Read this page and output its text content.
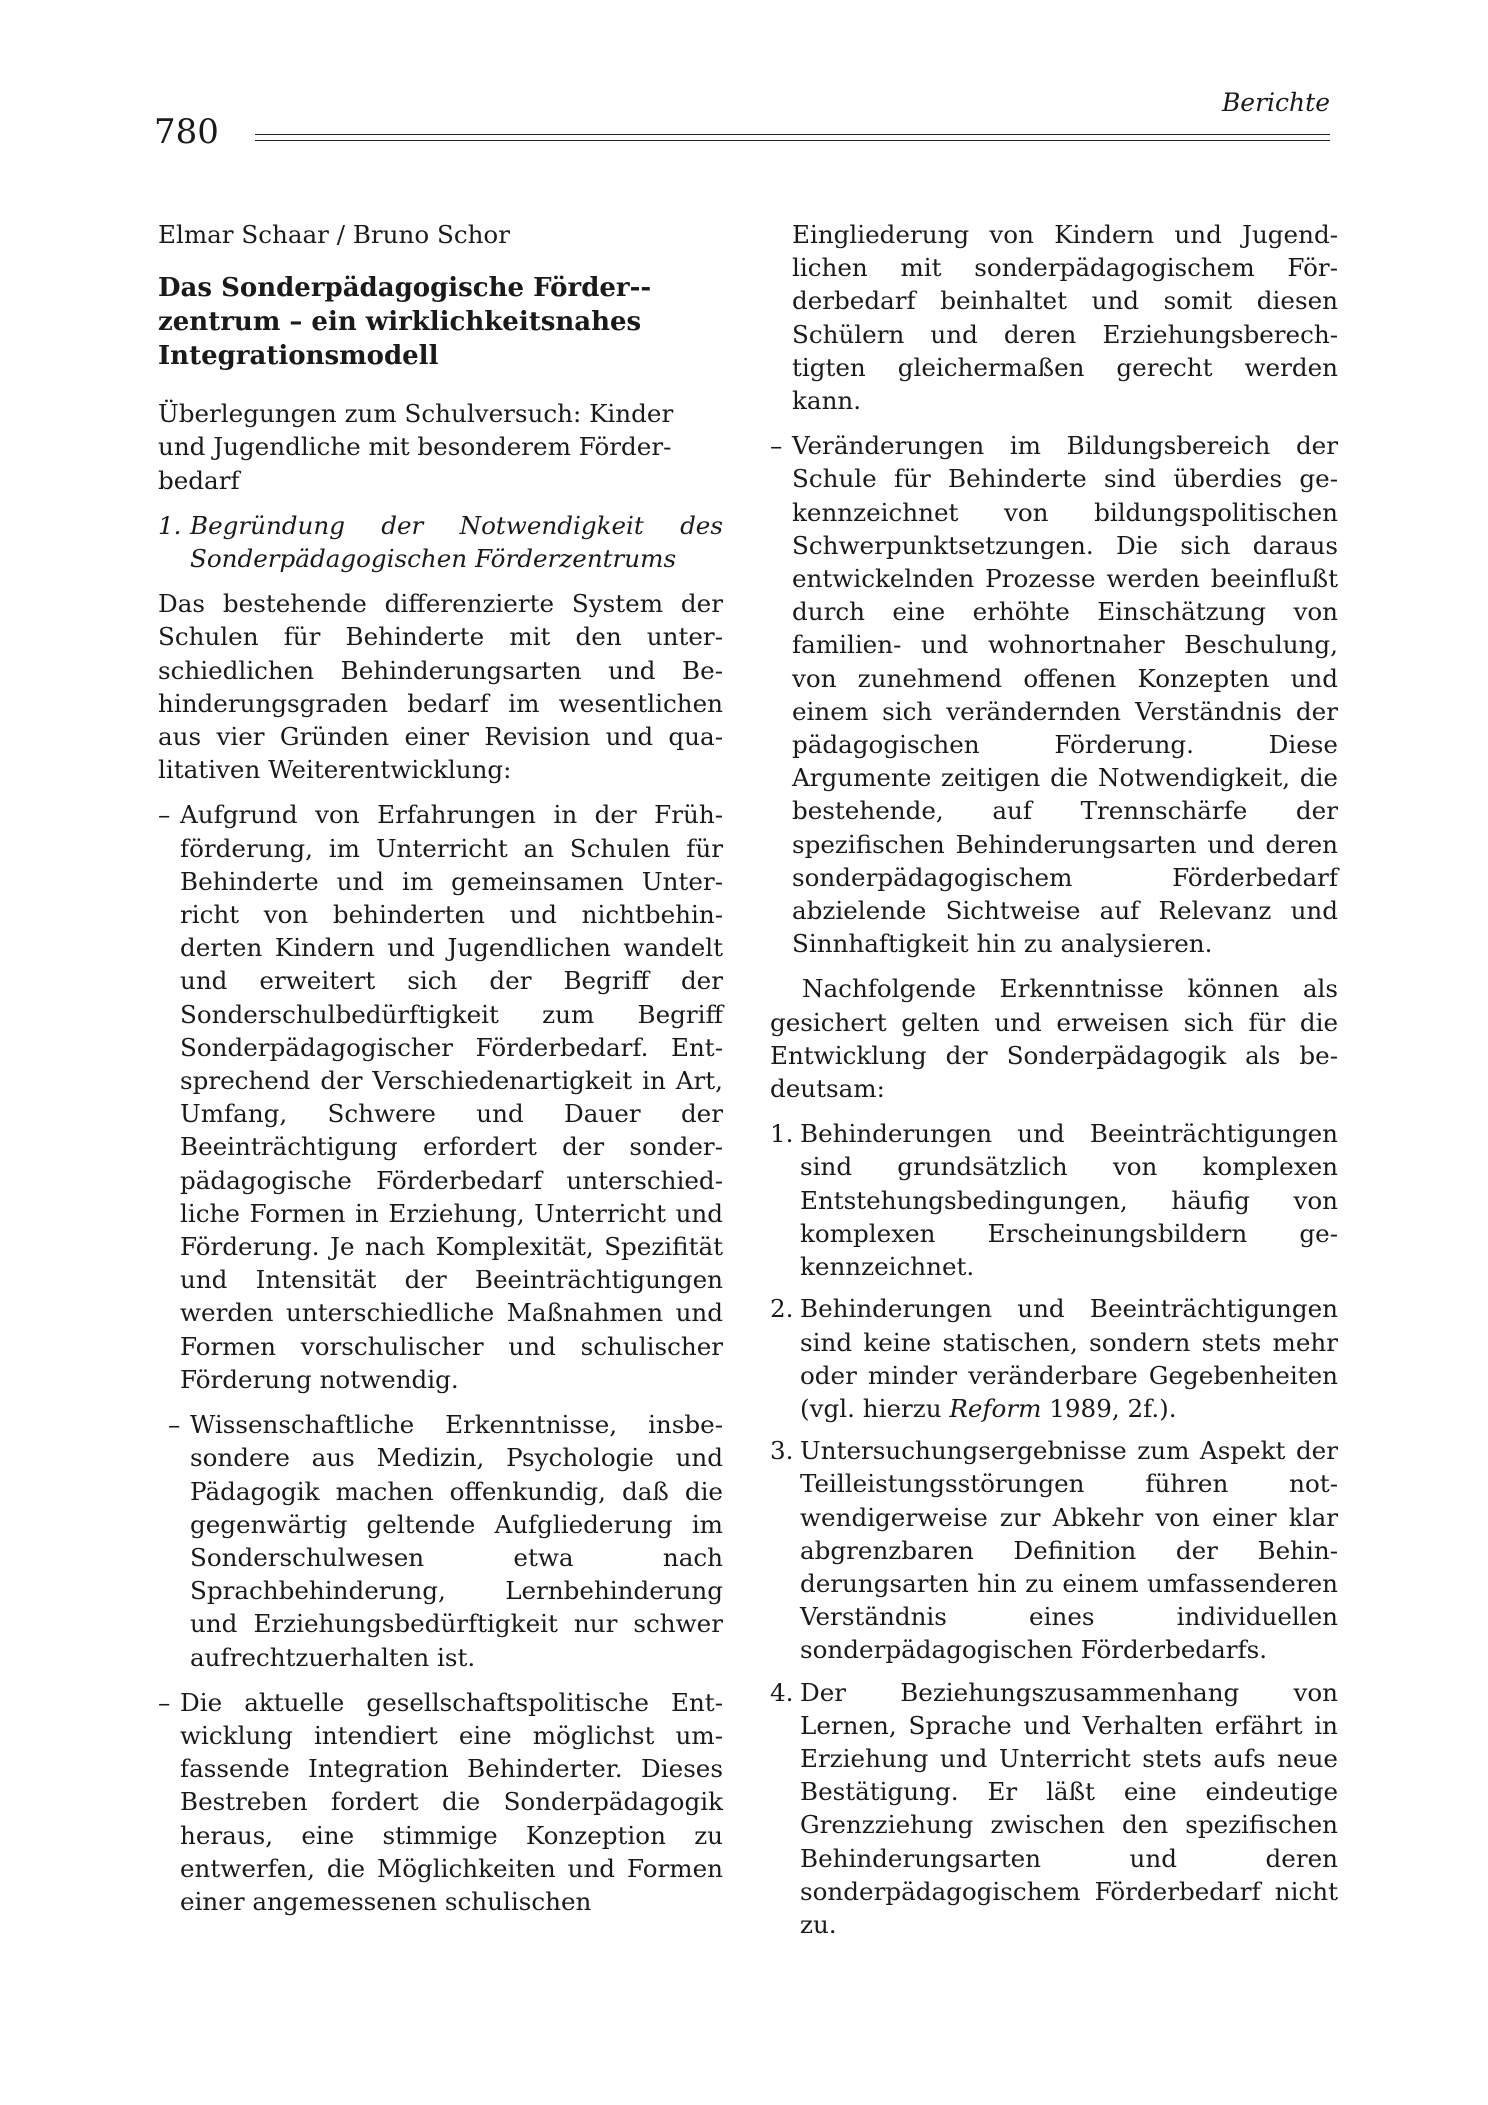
780
Berichte

Elmar Schaar / Bruno Schor

Das Sonderpädagogische Förder-zentrum – ein wirklichkeitsnahes Integrationsmodell

Überlegungen zum Schulversuch: Kinder und Jugendliche mit besonderem Förderbedarf

1. Begründung der Notwendigkeit des Sonderpädagogischen Förderzentrums

Das bestehende differenzierte System der Schulen für Behinderte mit den unterschiedlichen Behinderungsarten und Behinderungsgraden bedarf im wesentlichen aus vier Gründen einer Revision und qualitativen Weiterentwicklung:

– Aufgrund von Erfahrungen in der Frühförderung, im Unterricht an Schulen für Behinderte und im gemeinsamen Unterricht von behinderten und nichtbehinderten Kindern und Jugendlichen wandelt und erweitert sich der Begriff der Sonderschulbedürftigkeit zum Begriff Sonderpädagogischer Förderbedarf. Entsprechend der Verschiedenartigkeit in Art, Umfang, Schwere und Dauer der Beeinträchtigung erfordert der sonderpädagogische Förderbedarf unterschiedliche Formen in Erziehung, Unterricht und Förderung. Je nach Komplexität, Spezifität und Intensität der Beeinträchtigungen werden unterschiedliche Maßnahmen und Formen vorschulischer und schulischer Förderung notwendig.
– Wissenschaftliche Erkenntnisse, insbesondere aus Medizin, Psychologie und Pädagogik machen offenkundig, daß die gegenwärtig geltende Aufgliederung im Sonderschulwesen etwa nach Sprachbehinderung, Lernbehinderung und Erziehungsbedürftigkeit nur schwer aufrechtzuerhalten ist.
– Die aktuelle gesellschaftspolitische Entwicklung intendiert eine möglichst umfassende Integration Behinderter. Dieses Bestreben fordert die Sonderpädagogik heraus, eine stimmige Konzeption zu entwerfen, die Möglichkeiten und Formen einer angemessenen schulischen
Eingliederung von Kindern und Jugendlichen mit sonderpädagogischem Förderbedarf beinhaltet und somit diesen Schülern und deren Erziehungsberechtigten gleichermaßen gerecht werden kann.
– Veränderungen im Bildungsbereich der Schule für Behinderte sind überdies gekennzeichnet von bildungspolitischen Schwerpunktsetzungen. Die sich daraus entwickelnden Prozesse werden beeinflußt durch eine erhöhte Einschätzung von familien- und wohnortnaher Beschulung, von zunehmend offenen Konzepten und einem sich verändernden Verständnis der pädagogischen Förderung. Diese Argumente zeitigen die Notwendigkeit, die bestehende, auf Trennschärfe der spezifischen Behinderungsarten und deren sonderpädagogischem Förderbedarf abzielende Sichtweise auf Relevanz und Sinnhaftigkeit hin zu analysieren.

Nachfolgende Erkenntnisse können als gesichert gelten und erweisen sich für die Entwicklung der Sonderpädagogik als bedeutsam:

1. Behinderungen und Beeinträchtigungen sind grundsätzlich von komplexen Entstehungsbedingungen, häufig von komplexen Erscheinungsbildern gekennzeichnet.
2. Behinderungen und Beeinträchtigungen sind keine statischen, sondern stets mehr oder minder veränderbare Gegebenheiten (vgl. hierzu Reform 1989, 2f.).
3. Untersuchungsergebnisse zum Aspekt der Teilleistungsstörungen führen notwendigerweise zur Abkehr von einer klar abgrenzbaren Definition der Behinderungsarten hin zu einem umfassenderen Verständnis eines individuellen sonderpädagogischen Förderbedarfs.
4. Der Beziehungszusammenhang von Lernen, Sprache und Verhalten erfährt in Erziehung und Unterricht stets aufs neue Bestätigung. Er läßt eine eindeutige Grenzziehung zwischen den spezifischen Behinderungsarten und deren sonderpädagogischem Förderbedarf nicht zu.
